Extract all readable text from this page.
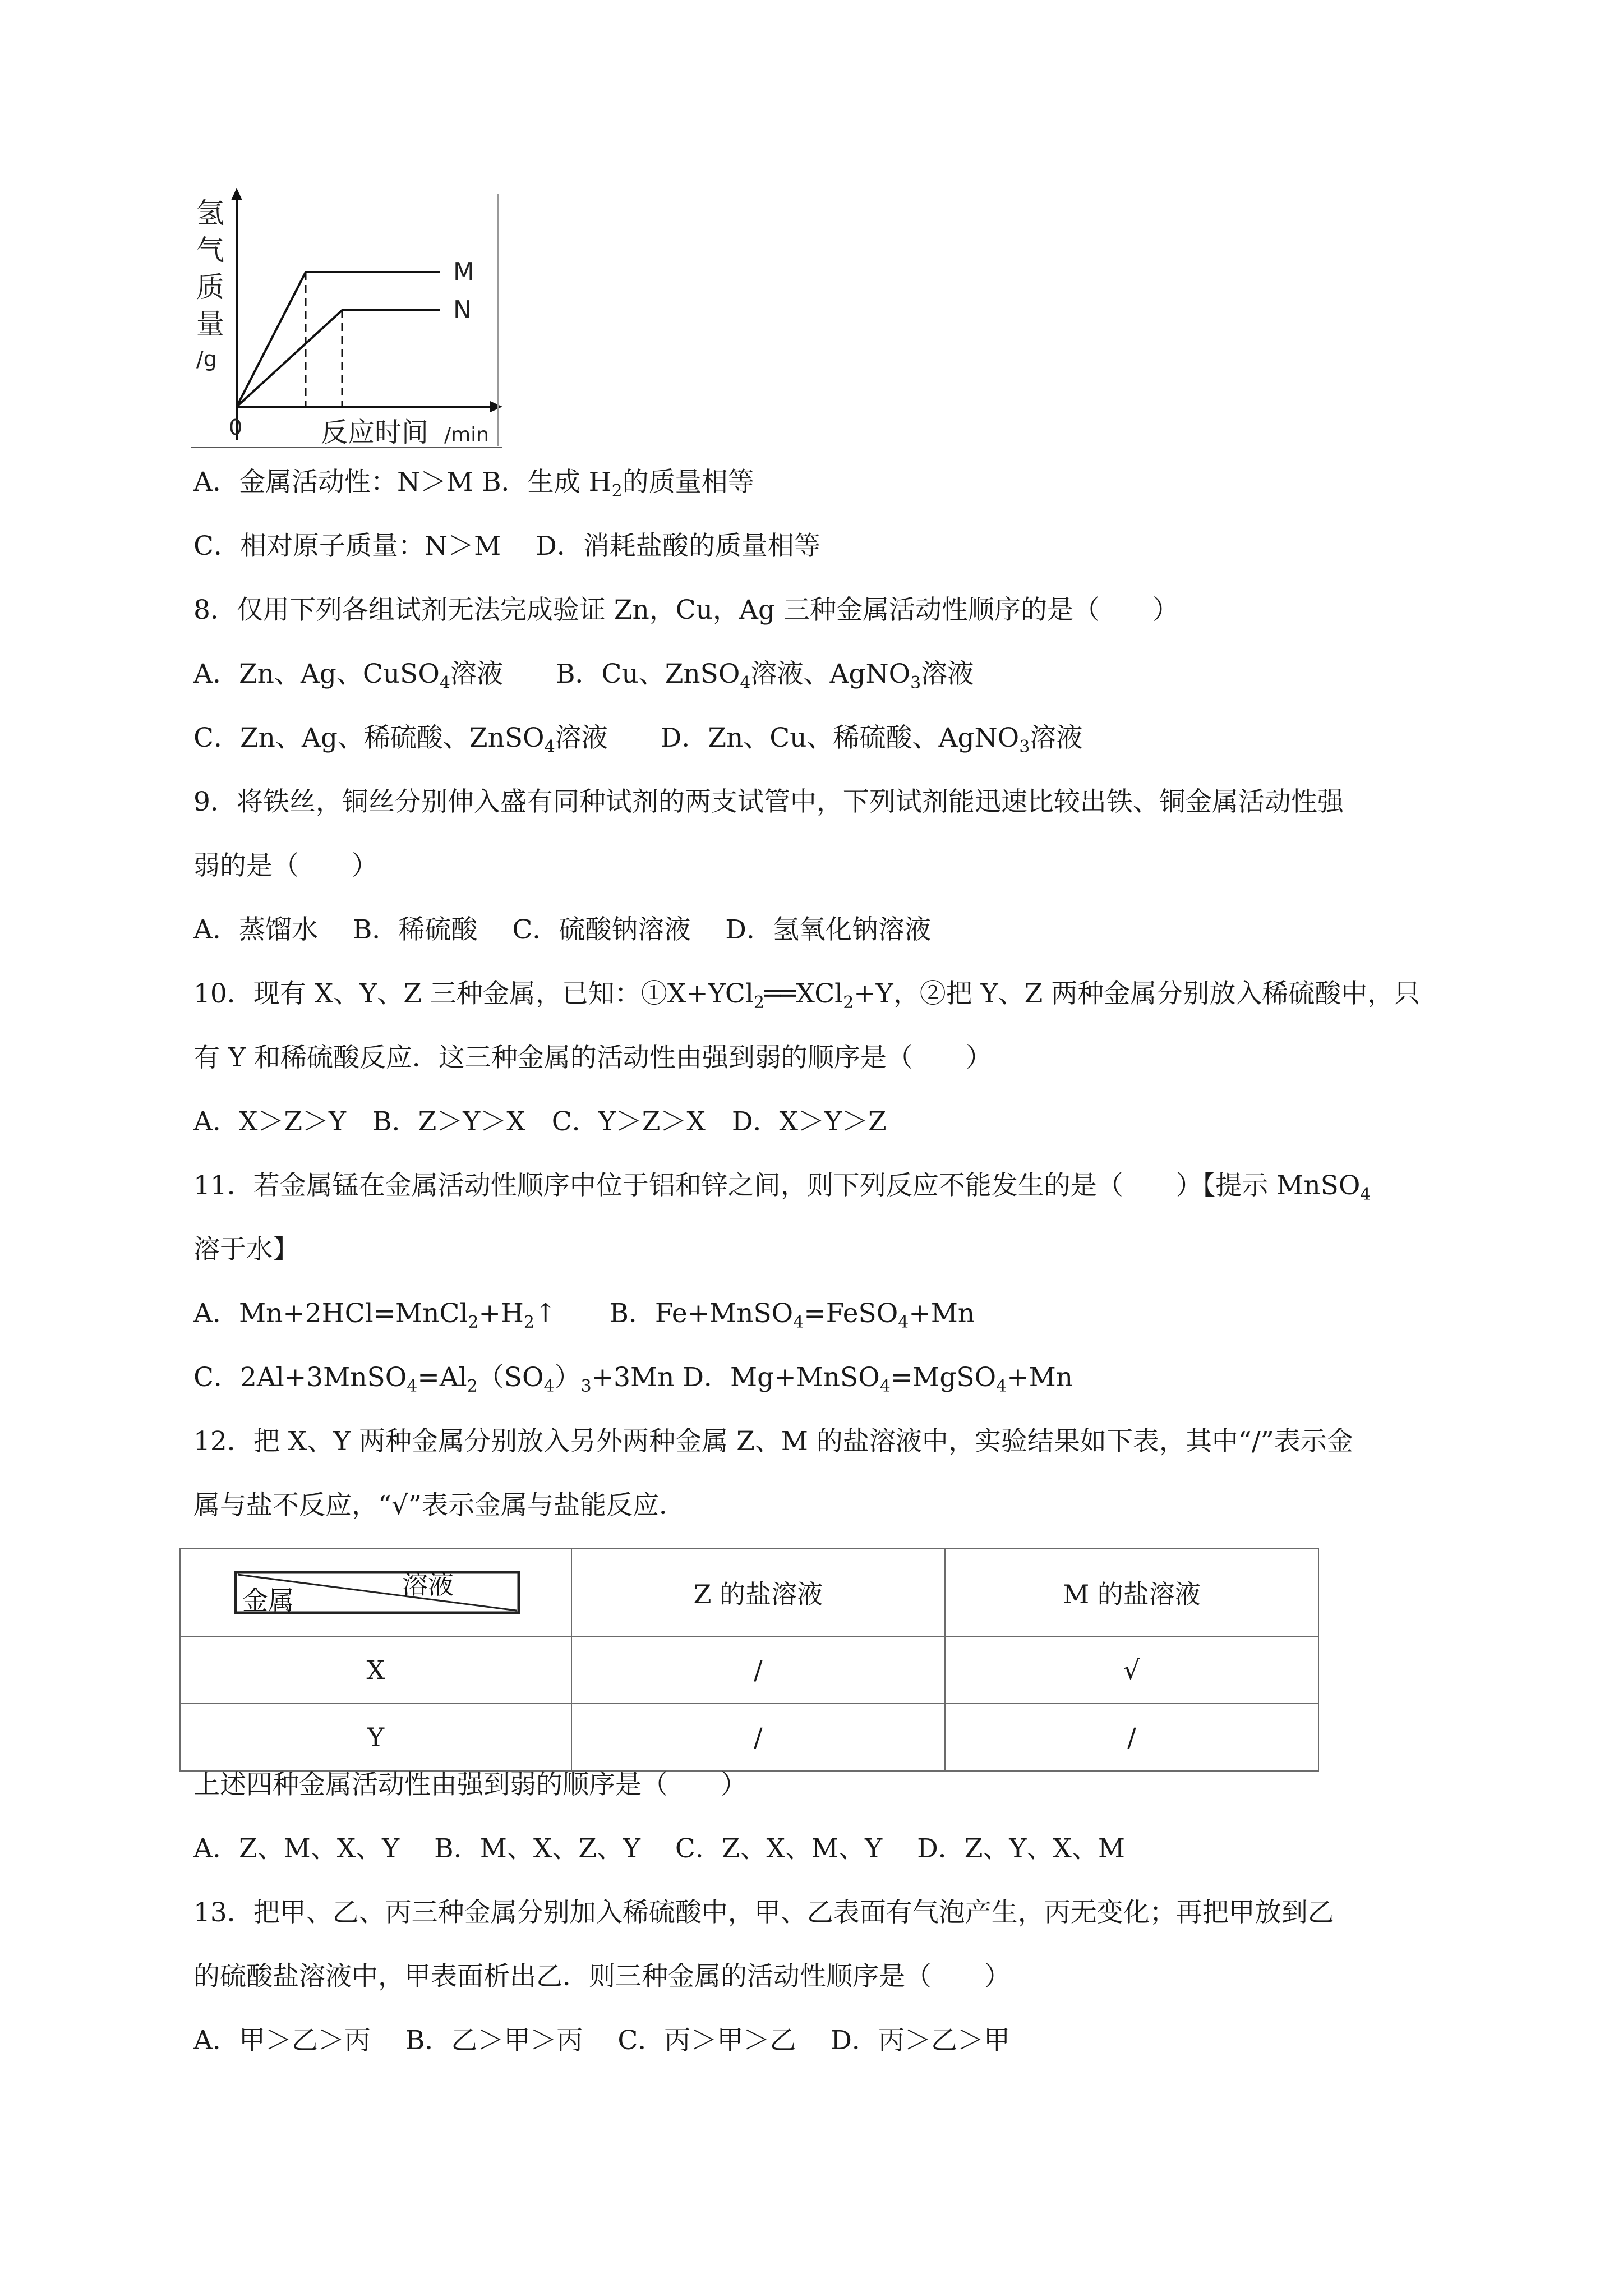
氢
气
质
量
/g
0	反应时间 /min
M
N
A．金属活动性：N＞M B．生成 $H_2$的质量相等
C．相对原子质量：N＞M　 D．消耗盐酸的质量相等
8．仅用下列各组试剂无法完成验证 Zn，Cu，Ag 三种金属活动性顺序的是（　　）
A．Zn、Ag、CuSO$_4$溶液　　B．Cu、ZnSO$_4$溶液、AgNO$_3$溶液
C．Zn、Ag、稀硫酸、ZnSO$_4$溶液　　D．Zn、Cu、稀硫酸、AgNO$_3$溶液
9．将铁丝，铜丝分别伸入盛有同种试剂的两支试管中，下列试剂能迅速比较出铁、铜金属活动性强
弱的是（　　）
A．蒸馏水　 B．稀硫酸　 C．硫酸钠溶液　 D．氢氧化钠溶液
10．现有 X、Y、Z 三种金属，已知：①X+YCl$_2$══XCl$_2$+Y，②把 Y、Z 两种金属分别放入稀硫酸中，只
有 Y 和稀硫酸反应．这三种金属的活动性由强到弱的顺序是（　　）
A．X＞Z＞Y　B．Z＞Y＞X　C．Y＞Z＞X　D．X＞Y＞Z
11．若金属锰在金属活动性顺序中位于铝和锌之间，则下列反应不能发生的是（　　）【提示 MnSO$_4$
溶于水】
A．$Mn+2HCl=MnCl_2+H_2↑$　　B．Fe+MnSO$_4$=FeSO$_4$+Mn
C．$2Al+3MnSO_4=Al_2(SO_4)_3+3Mn$ D．Mg+MnSO$_4$=MgSO$_4$+Mn
12．把 X、Y 两种金属分别放入另外两种金属 Z、M 的盐溶液中，实验结果如下表，其中“/”表示金
属与盐不反应，“√”表示金属与盐能反应．
溶液
金属	Z 的盐溶液	M 的盐溶液
X	/	√
Y	/	/
上述四种金属活动性由强到弱的顺序是（　　）
A．Z、M、X、Y　 B．M、X、Z、Y　 C．Z、X、M、Y　 D．Z、Y、X、M
13．把甲、乙、丙三种金属分别加入稀硫酸中，甲、乙表面有气泡产生，丙无变化；再把甲放到乙
的硫酸盐溶液中，甲表面析出乙．则三种金属的活动性顺序是（　　）
A．甲＞乙＞丙　 B．乙＞甲＞丙　 C．丙＞甲＞乙　 D．丙＞乙＞甲
